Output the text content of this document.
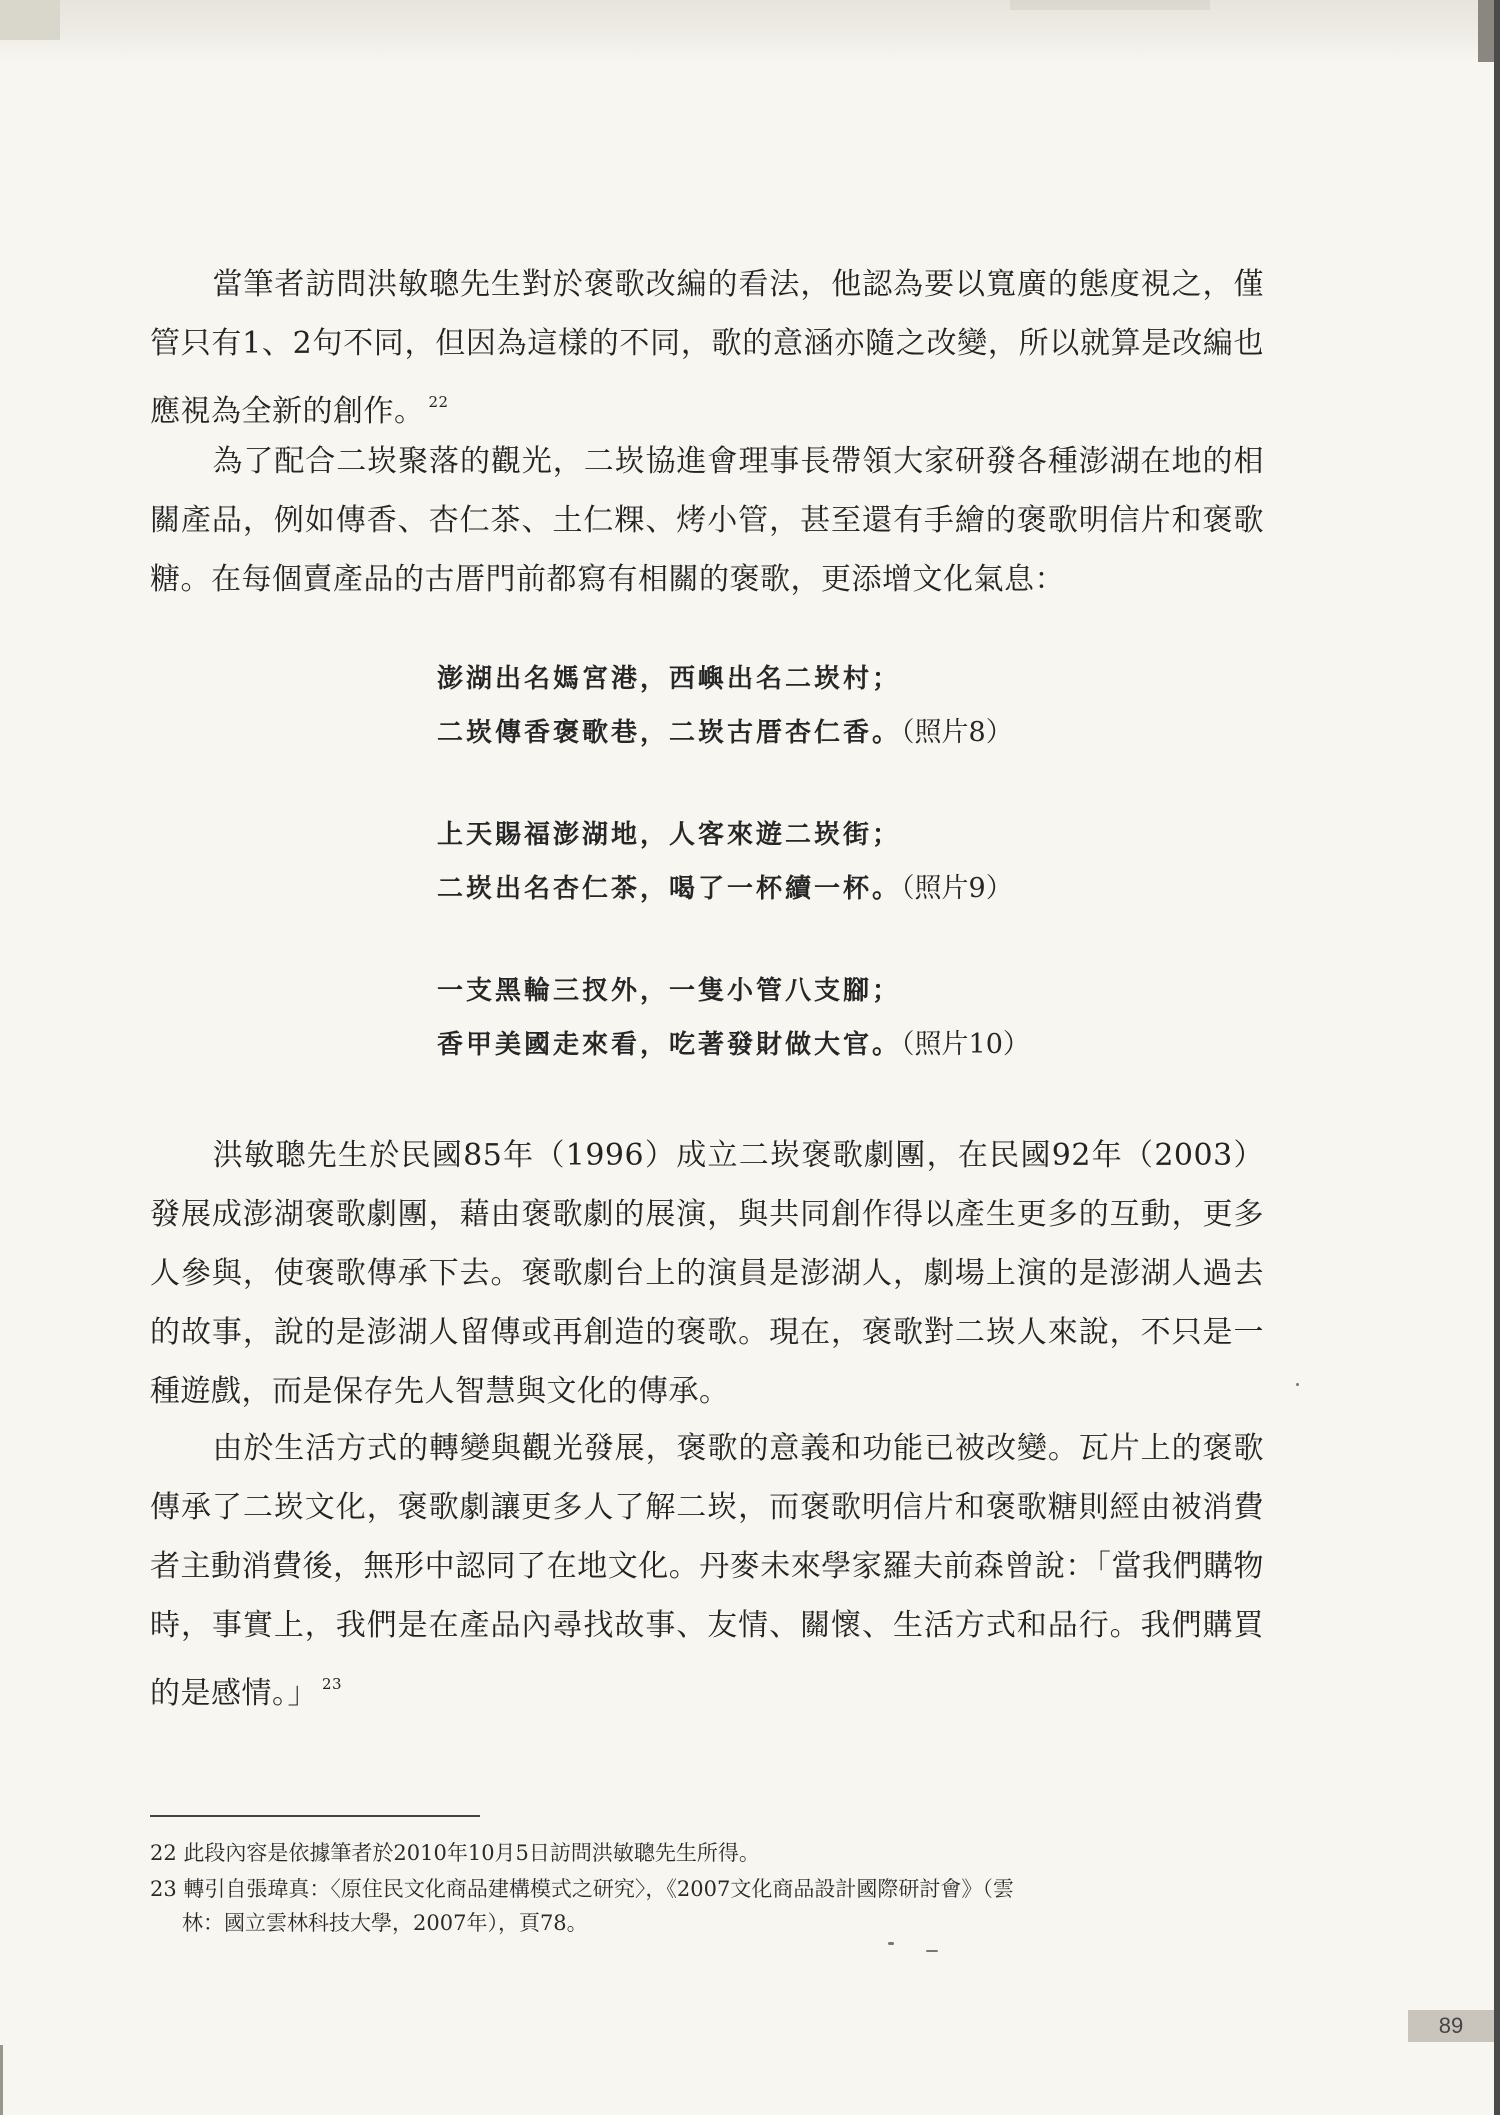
當筆者訪問洪敏聰先生對於褒歌改編的看法，他認為要以寬廣的態度視之，僅管只有1、2句不同，但因為這樣的不同，歌的意涵亦隨之改變，所以就算是改編也應視為全新的創作。 $^{22}$

為了配合二崁聚落的觀光，二崁協進會理事長帶領大家研發各種澎湖在地的相關產品，例如傳香、杏仁茶、土仁粿、烤小管，甚至還有手繪的褒歌明信片和褒歌糖。在每個賣產品的古厝門前都寫有相關的褒歌，更添增文化氣息：

澎湖出名媽宮港，西嶼出名二崁村；
二崁傳香褒歌巷，二崁古厝杏仁香。（照片8）
上天賜福澎湖地，人客來遊二崁街；
二崁出名杏仁茶，喝了一杯續一杯。（照片9）
一支黑輪三扠外，一隻小管八支腳；
香甲美國走來看，吃著發財做大官。（照片10）

洪敏聰先生於民國85年（1996）成立二崁褒歌劇團，在民國92年（2003）發展成澎湖褒歌劇團，藉由褒歌劇的展演，與共同創作得以產生更多的互動，更多人參與，使褒歌傳承下去。褒歌劇台上的演員是澎湖人，劇場上演的是澎湖人過去的故事，說的是澎湖人留傳或再創造的褒歌。現在，褒歌對二崁人來說，不只是一種遊戲，而是保存先人智慧與文化的傳承。

由於生活方式的轉變與觀光發展，褒歌的意義和功能已被改變。瓦片上的褒歌傳承了二崁文化，褒歌劇讓更多人了解二崁，而褒歌明信片和褒歌糖則經由被消費者主動消費後，無形中認同了在地文化。丹麥未來學家羅夫前森曾說：「當我們購物時，事實上，我們是在產品內尋找故事、友情、關懷、生活方式和品行。我們購買的是感情。」 $^{23}$

22 此段內容是依據筆者於2010年10月5日訪問洪敏聰先生所得。

23 轉引自張瑋真：〈原住民文化商品建構模式之研究〉，《2007文化商品設計國際研討會》（雲
林：國立雲林科技大學，2007年），頁78。

89
